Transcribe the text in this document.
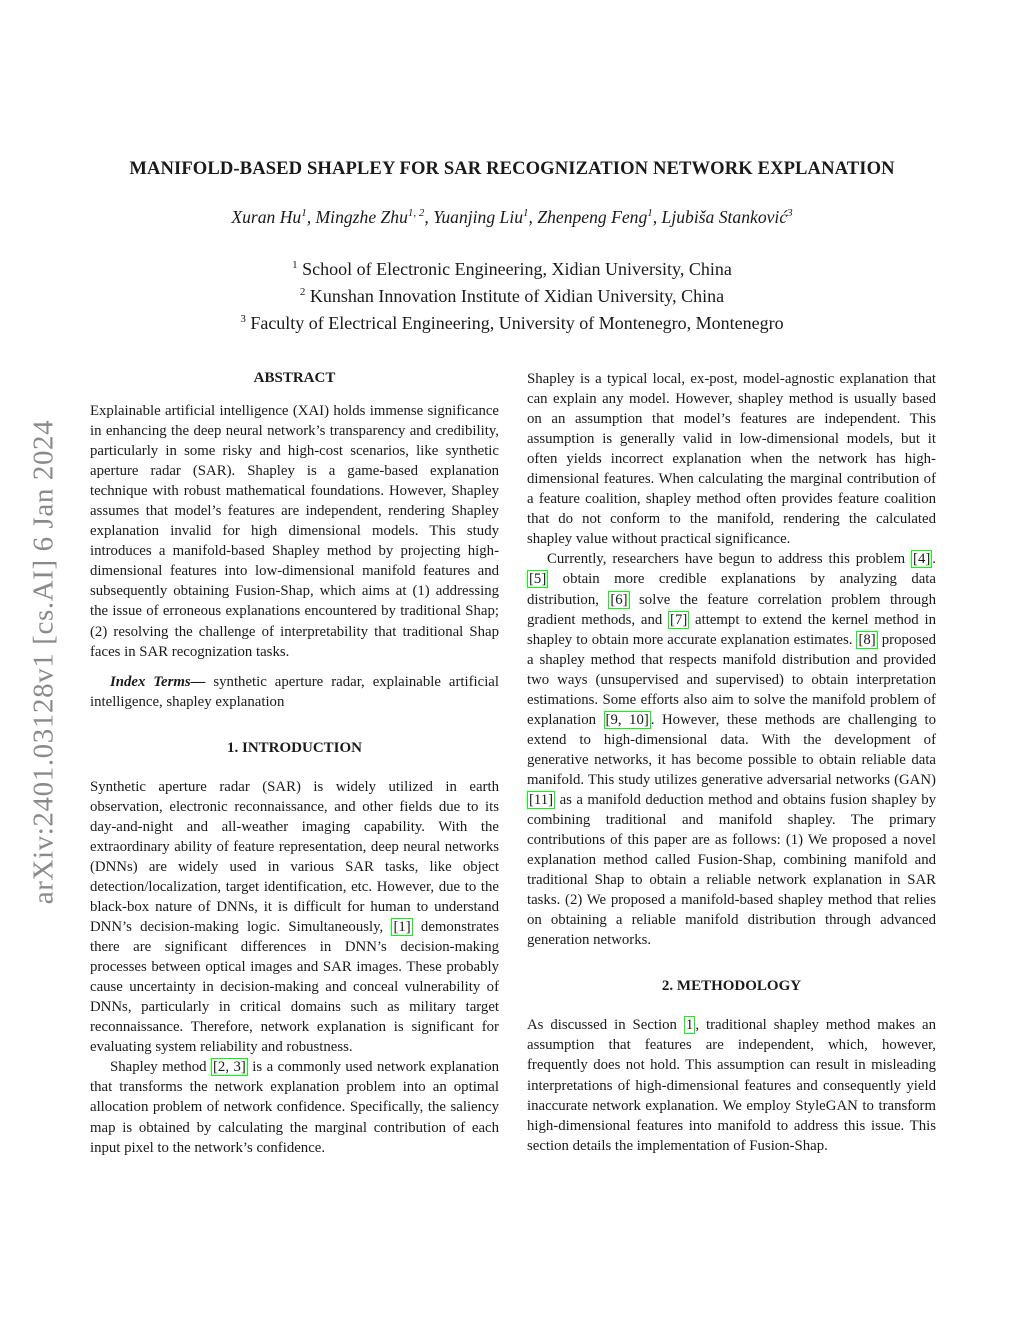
arXiv:2401.03128v1 [cs.AI] 6 Jan 2024
MANIFOLD-BASED SHAPLEY FOR SAR RECOGNIZATION NETWORK EXPLANATION
Xuran Hu$^1$, Mingzhe Zhu$^{1, 2}$, Yuanjing Liu$^1$, Zhenpeng Feng$^1$, Ljubiša Stanković$^3$
$^1$ School of Electronic Engineering, Xidian University, China
$^2$ Kunshan Innovation Institute of Xidian University, China
$^3$ Faculty of Electrical Engineering, University of Montenegro, Montenegro
ABSTRACT

Explainable artificial intelligence (XAI) holds immense significance in enhancing the deep neural network’s transparency and credibility, particularly in some risky and high-cost scenarios, like synthetic aperture radar (SAR). Shapley is a game-based explanation technique with robust mathematical foundations. However, Shapley assumes that model’s features are independent, rendering Shapley explanation invalid for high dimensional models. This study introduces a manifold-based Shapley method by projecting high-dimensional features into low-dimensional manifold features and subsequently obtaining Fusion-Shap, which aims at (1) addressing the issue of erroneous explanations encountered by traditional Shap; (2) resolving the challenge of interpretability that traditional Shap faces in SAR recognization tasks.

Index Terms— synthetic aperture radar, explainable artificial intelligence, shapley explanation

1. INTRODUCTION

Synthetic aperture radar (SAR) is widely utilized in earth observation, electronic reconnaissance, and other fields due to its day-and-night and all-weather imaging capability. With the extraordinary ability of feature representation, deep neural networks (DNNs) are widely used in various SAR tasks, like object detection/localization, target identification, etc. However, due to the black-box nature of DNNs, it is difficult for human to understand DNN’s decision-making logic. Simultaneously, [1] demonstrates there are significant differences in DNN’s decision-making processes between optical images and SAR images. These probably cause uncertainty in decision-making and conceal vulnerability of DNNs, particularly in critical domains such as military target reconnaissance. Therefore, network explanation is significant for evaluating system reliability and robustness.

Shapley method [2, 3] is a commonly used network explanation that transforms the network explanation problem into an optimal allocation problem of network confidence. Specifically, the saliency map is obtained by calculating the marginal contribution of each input pixel to the network’s confidence.

Shapley is a typical local, ex-post, model-agnostic explanation that can explain any model. However, shapley method is usually based on an assumption that model’s features are independent. This assumption is generally valid in low-dimensional models, but it often yields incorrect explanation when the network has high-dimensional features. When calculating the marginal contribution of a feature coalition, shapley method often provides feature coalition that do not conform to the manifold, rendering the calculated shapley value without practical significance.

Currently, researchers have begun to address this problem [4] . [5] obtain more credible explanations by analyzing data distribution, [6] solve the feature correlation problem through gradient methods, and [7] attempt to extend the kernel method in shapley to obtain more accurate explanation estimates. [8] proposed a shapley method that respects manifold distribution and provided two ways (unsupervised and supervised) to obtain interpretation estimations. Some efforts also aim to solve the manifold problem of explanation [9, 10] . However, these methods are challenging to extend to high-dimensional data. With the development of generative networks, it has become possible to obtain reliable data manifold. This study utilizes generative adversarial networks (GAN) [11] as a manifold deduction method and obtains fusion shapley by combining traditional and manifold shapley. The primary contributions of this paper are as follows: (1) We proposed a novel explanation method called Fusion-Shap, combining manifold and traditional Shap to obtain a reliable network explanation in SAR tasks. (2) We proposed a manifold-based shapley method that relies on obtaining a reliable manifold distribution through advanced generation networks.

2. METHODOLOGY

As discussed in Section 1 , traditional shapley method makes an assumption that features are independent, which, however, frequently does not hold. This assumption can result in misleading interpretations of high-dimensional features and consequently yield inaccurate network explanation. We employ StyleGAN to transform high-dimensional features into manifold to address this issue. This section details the implementation of Fusion-Shap.
